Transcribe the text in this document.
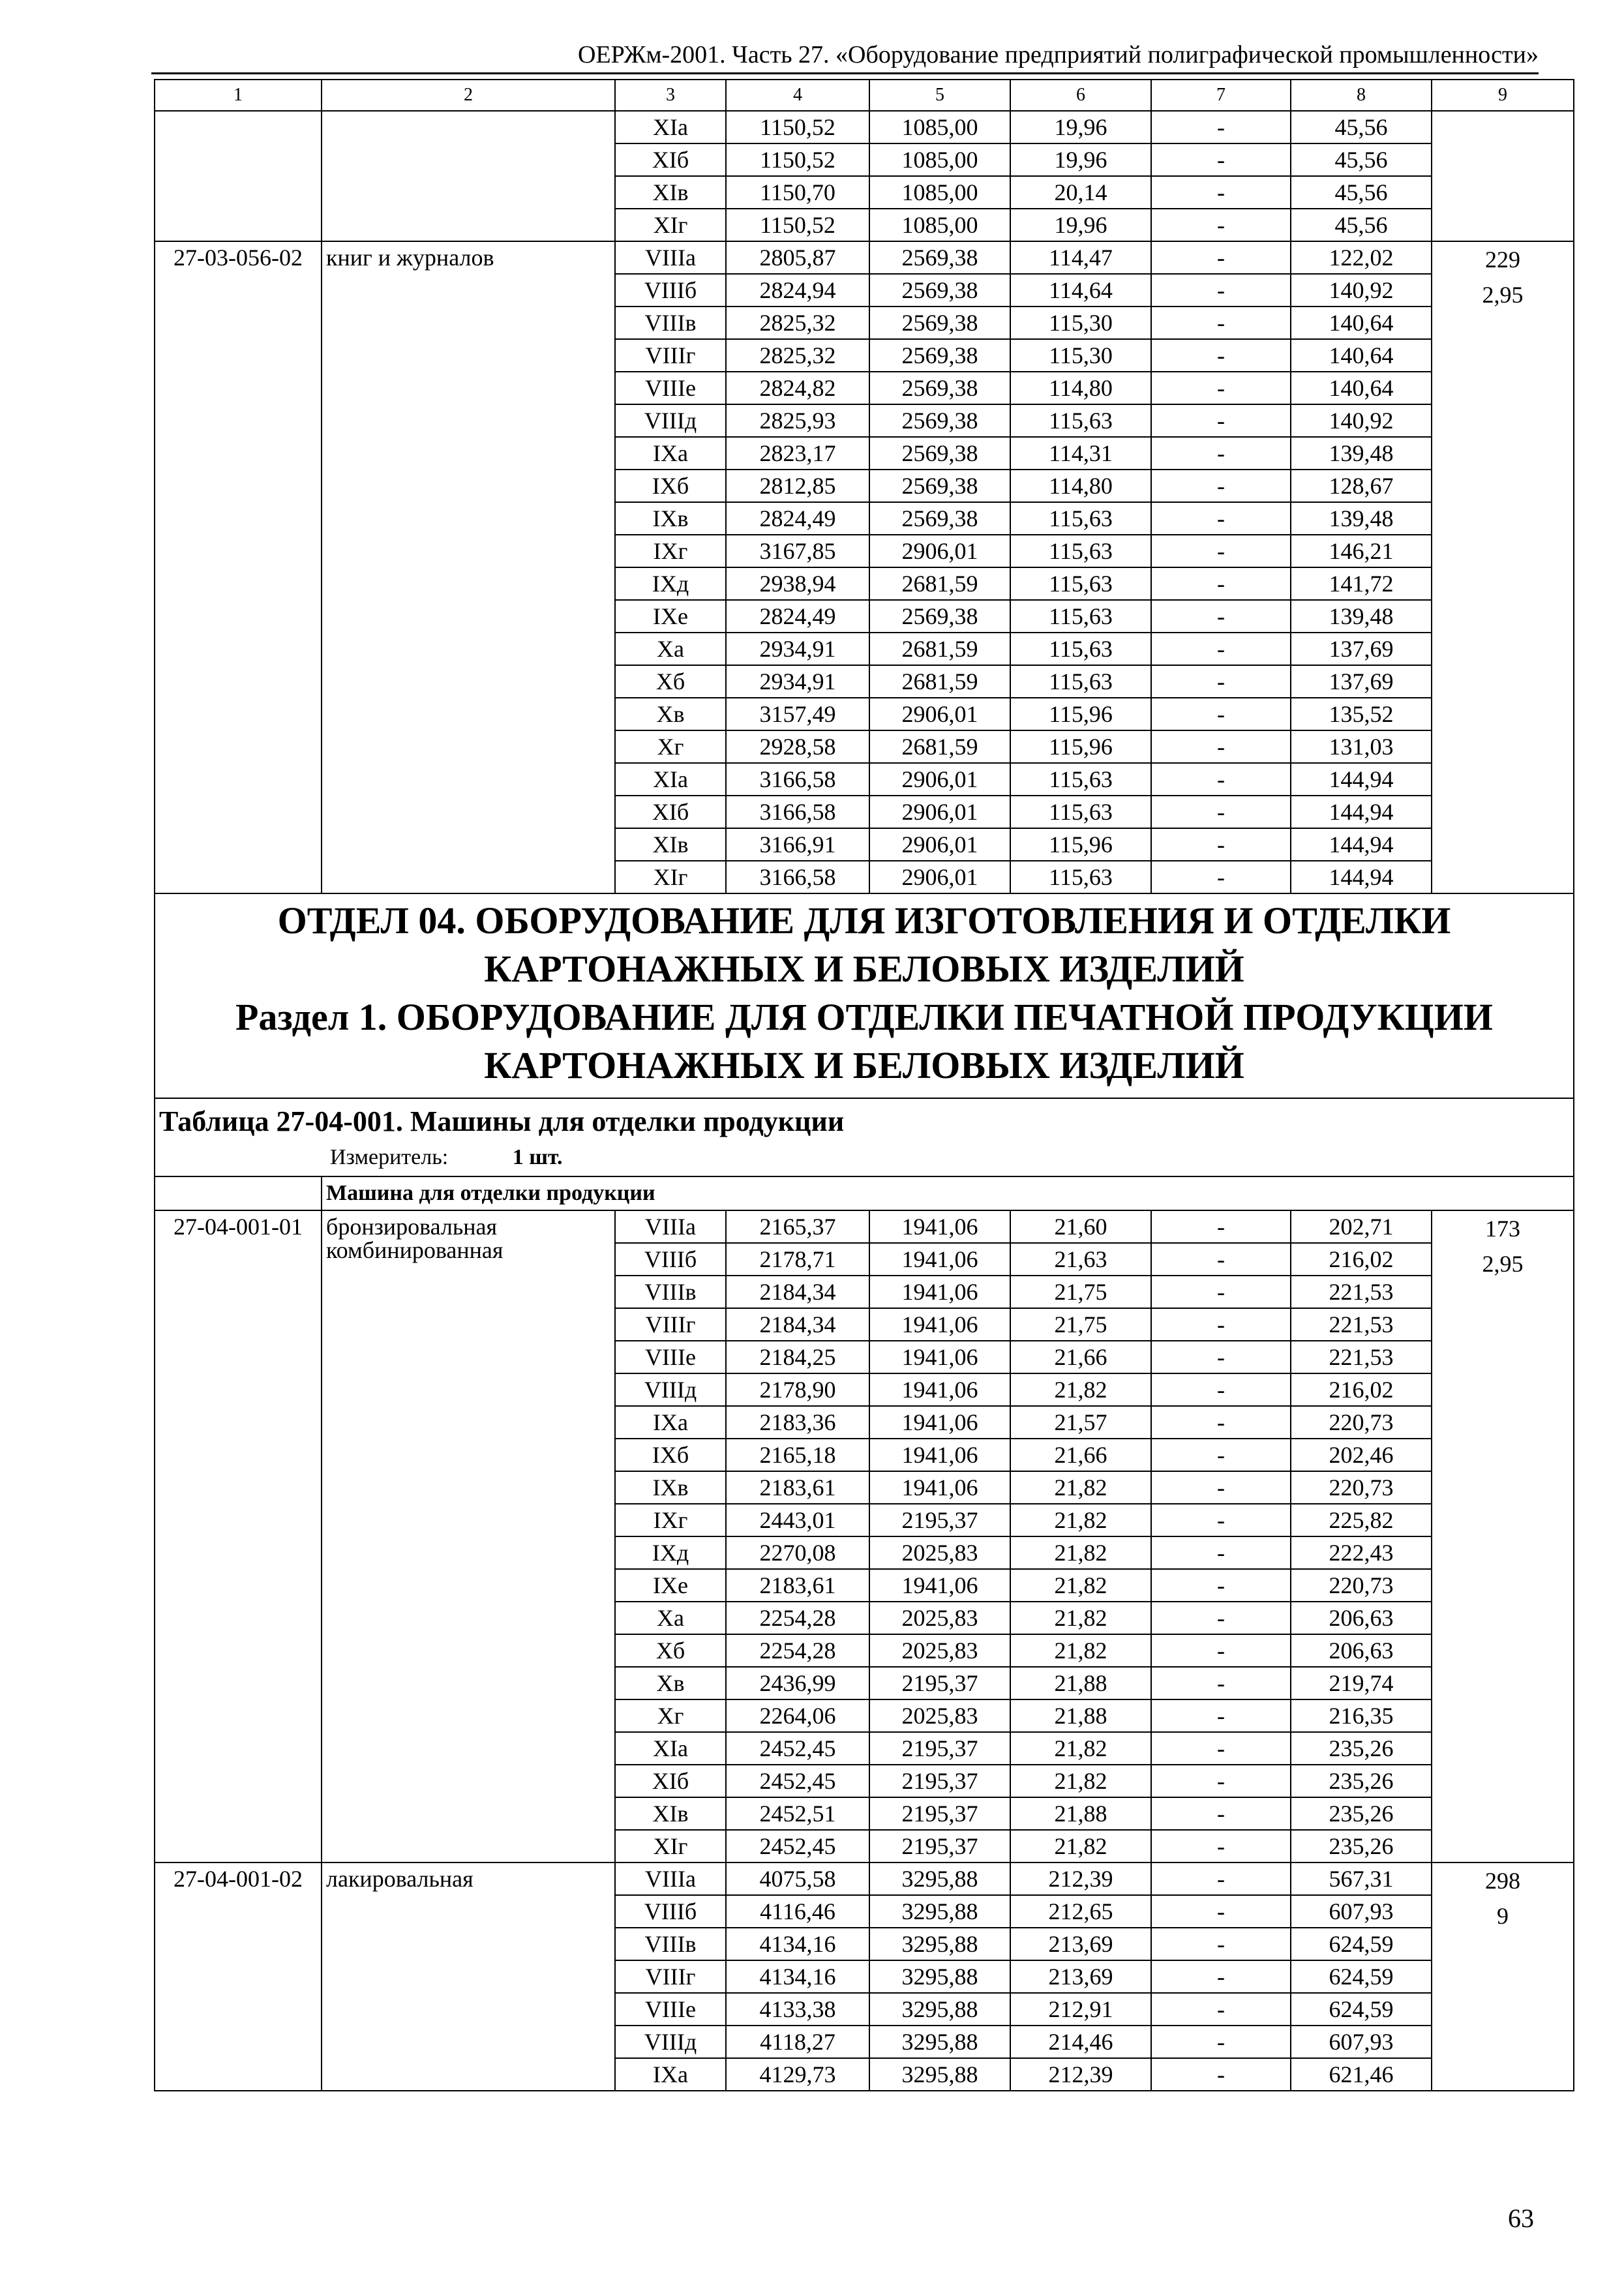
ОЕРЖм-2001. Часть 27. «Оборудование предприятий полиграфической промышленности»
1	2	3	4	5	6	7	8	9
		XIа	1150,52	1085,00	19,96	-	45,56	
		XIб	1150,52	1085,00	19,96	-	45,56	
		XIв	1150,70	1085,00	20,14	-	45,56	
		XIг	1150,52	1085,00	19,96	-	45,56	
27-03-056-02	книг и журналов	VIIIа	2805,87	2569,38	114,47	-	122,02	229
2,95

		VIIIб	2824,94	2569,38	114,64	-	140,92	
		VIIIв	2825,32	2569,38	115,30	-	140,64	
		VIIIг	2825,32	2569,38	115,30	-	140,64	
		VIIIе	2824,82	2569,38	114,80	-	140,64	
		VIIIд	2825,93	2569,38	115,63	-	140,92	
		IXа	2823,17	2569,38	114,31	-	139,48	
		IXб	2812,85	2569,38	114,80	-	128,67	
		IXв	2824,49	2569,38	115,63	-	139,48	
		IXг	3167,85	2906,01	115,63	-	146,21	
		IXд	2938,94	2681,59	115,63	-	141,72	
		IXе	2824,49	2569,38	115,63	-	139,48	
		Xа	2934,91	2681,59	115,63	-	137,69	
		Xб	2934,91	2681,59	115,63	-	137,69	
		Xв	3157,49	2906,01	115,96	-	135,52	
		Xг	2928,58	2681,59	115,96	-	131,03	
		XIа	3166,58	2906,01	115,63	-	144,94	
		XIб	3166,58	2906,01	115,63	-	144,94	
		XIв	3166,91	2906,01	115,96	-	144,94	
		XIг	3166,58	2906,01	115,63	-	144,94	

ОТДЕЛ 04. ОБОРУДОВАНИЕ ДЛЯ ИЗГОТОВЛЕНИЯ И ОТДЕЛКИ
КАРТОНАЖНЫХ И БЕЛОВЫХ ИЗДЕЛИЙ
Раздел 1. ОБОРУДОВАНИЕ ДЛЯ ОТДЕЛКИ ПЕЧАТНОЙ ПРОДУКЦИИ
КАРТОНАЖНЫХ И БЕЛОВЫХ ИЗДЕЛИЙ								

Таблица 27-04-001. Машины для отделки продукции
Измеритель: 1 шт.								

	Машина для отделки продукции							
27-04-001-01	бронзировальная комбинированная	VIIIа	2165,37	1941,06	21,60	-	202,71	173
2,95

		VIIIб	2178,71	1941,06	21,63	-	216,02	
		VIIIв	2184,34	1941,06	21,75	-	221,53	
		VIIIг	2184,34	1941,06	21,75	-	221,53	
		VIIIе	2184,25	1941,06	21,66	-	221,53	
		VIIIд	2178,90	1941,06	21,82	-	216,02	
		IXа	2183,36	1941,06	21,57	-	220,73	
		IXб	2165,18	1941,06	21,66	-	202,46	
		IXв	2183,61	1941,06	21,82	-	220,73	
		IXг	2443,01	2195,37	21,82	-	225,82	
		IXд	2270,08	2025,83	21,82	-	222,43	
		IXе	2183,61	1941,06	21,82	-	220,73	
		Xа	2254,28	2025,83	21,82	-	206,63	
		Xб	2254,28	2025,83	21,82	-	206,63	
		Xв	2436,99	2195,37	21,88	-	219,74	
		Xг	2264,06	2025,83	21,88	-	216,35	
		XIа	2452,45	2195,37	21,82	-	235,26	
		XIб	2452,45	2195,37	21,82	-	235,26	
		XIв	2452,51	2195,37	21,88	-	235,26	
		XIг	2452,45	2195,37	21,82	-	235,26	
27-04-001-02	лакировальная	VIIIа	4075,58	3295,88	212,39	-	567,31	298
9

		VIIIб	4116,46	3295,88	212,65	-	607,93	
		VIIIв	4134,16	3295,88	213,69	-	624,59	
		VIIIг	4134,16	3295,88	213,69	-	624,59	
		VIIIе	4133,38	3295,88	212,91	-	624,59	
		VIIIд	4118,27	3295,88	214,46	-	607,93	
		IXа	4129,73	3295,88	212,39	-	621,46	
63
